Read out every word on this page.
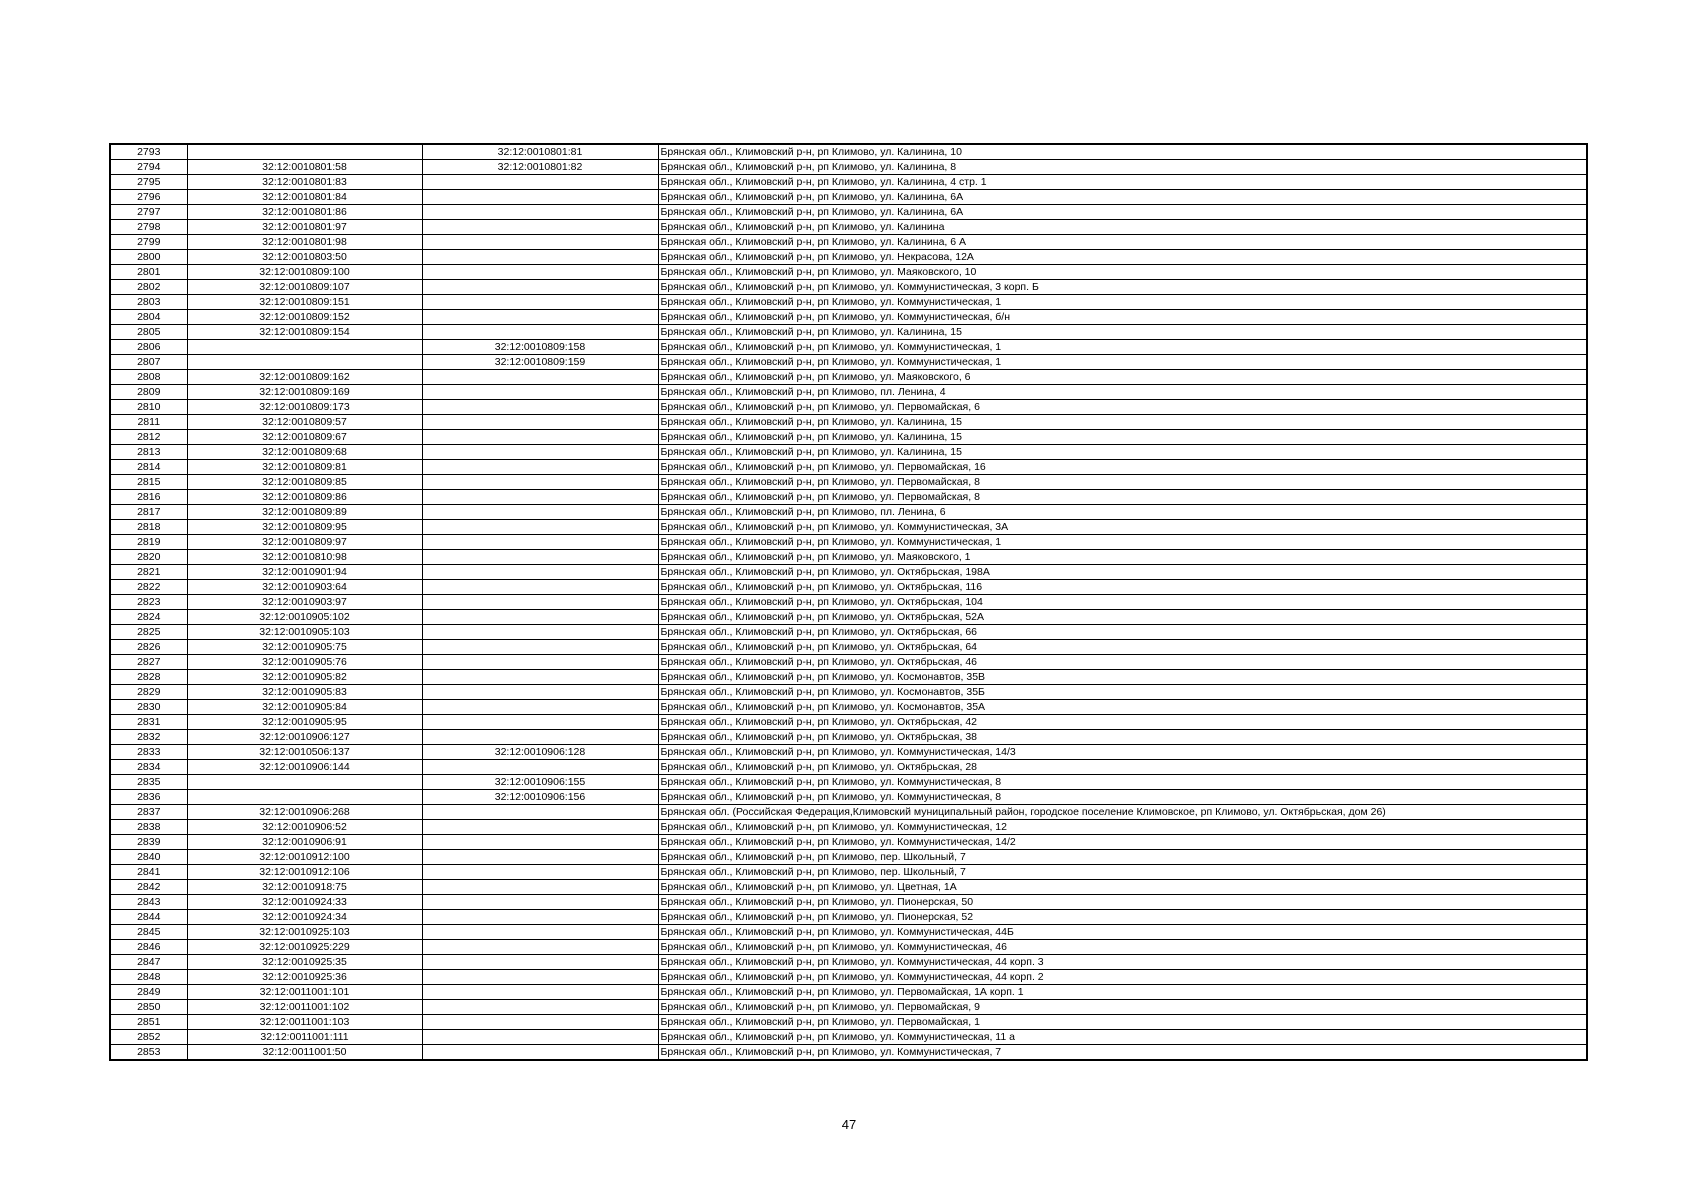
2793		32:12:0010801:81	Брянская обл., Климовский р-н, рп Климово, ул. Калинина, 10
2794	32:12:0010801:58	32:12:0010801:82	Брянская обл., Климовский р-н, рп Климово, ул. Калинина, 8
2795	32:12:0010801:83		Брянская обл., Климовский р-н, рп Климово, ул. Калинина, 4 стр. 1
2796	32:12:0010801:84		Брянская обл., Климовский р-н, рп Климово, ул. Калинина, 6А
2797	32:12:0010801:86		Брянская обл., Климовский р-н, рп Климово, ул. Калинина, 6А
2798	32:12:0010801:97		Брянская обл., Климовский р-н, рп Климово, ул. Калинина
2799	32:12:0010801:98		Брянская обл., Климовский р-н, рп Климово, ул. Калинина, 6 А
2800	32:12:0010803:50		Брянская обл., Климовский р-н, рп Климово, ул. Некрасова, 12А
2801	32:12:0010809:100		Брянская обл., Климовский р-н, рп Климово, ул. Маяковского, 10
2802	32:12:0010809:107		Брянская обл., Климовский р-н, рп Климово, ул. Коммунистическая, 3 корп. Б
2803	32:12:0010809:151		Брянская обл., Климовский р-н, рп Климово, ул. Коммунистическая, 1
2804	32:12:0010809:152		Брянская обл., Климовский р-н, рп Климово, ул. Коммунистическая, б/н
2805	32:12:0010809:154		Брянская обл., Климовский р-н, рп Климово, ул. Калинина, 15
2806		32:12:0010809:158	Брянская обл., Климовский р-н, рп Климово, ул. Коммунистическая, 1
2807		32:12:0010809:159	Брянская обл., Климовский р-н, рп Климово, ул. Коммунистическая, 1
2808	32:12:0010809:162		Брянская обл., Климовский р-н, рп Климово, ул. Маяковского, 6
2809	32:12:0010809:169		Брянская обл., Климовский р-н, рп Климово, пл. Ленина, 4
2810	32:12:0010809:173		Брянская обл., Климовский р-н, рп Климово, ул. Первомайская, 6
2811	32:12:0010809:57		Брянская обл., Климовский р-н, рп Климово, ул. Калинина, 15
2812	32:12:0010809:67		Брянская обл., Климовский р-н, рп Климово, ул. Калинина, 15
2813	32:12:0010809:68		Брянская обл., Климовский р-н, рп Климово, ул. Калинина, 15
2814	32:12:0010809:81		Брянская обл., Климовский р-н, рп Климово, ул. Первомайская, 16
2815	32:12:0010809:85		Брянская обл., Климовский р-н, рп Климово, ул. Первомайская, 8
2816	32:12:0010809:86		Брянская обл., Климовский р-н, рп Климово, ул. Первомайская, 8
2817	32:12:0010809:89		Брянская обл., Климовский р-н, рп Климово, пл. Ленина, 6
2818	32:12:0010809:95		Брянская обл., Климовский р-н, рп Климово, ул. Коммунистическая, 3А
2819	32:12:0010809:97		Брянская обл., Климовский р-н, рп Климово, ул. Коммунистическая, 1
2820	32:12:0010810:98		Брянская обл., Климовский р-н, рп Климово, ул. Маяковского, 1
2821	32:12:0010901:94		Брянская обл., Климовский р-н, рп Климово, ул. Октябрьская, 198А
2822	32:12:0010903:64		Брянская обл., Климовский р-н, рп Климово, ул. Октябрьская, 116
2823	32:12:0010903:97		Брянская обл., Климовский р-н, рп Климово, ул. Октябрьская, 104
2824	32:12:0010905:102		Брянская обл., Климовский р-н, рп Климово, ул. Октябрьская, 52А
2825	32:12:0010905:103		Брянская обл., Климовский р-н, рп Климово, ул. Октябрьская, 66
2826	32:12:0010905:75		Брянская обл., Климовский р-н, рп Климово, ул. Октябрьская, 64
2827	32:12:0010905:76		Брянская обл., Климовский р-н, рп Климово, ул. Октябрьская, 46
2828	32:12:0010905:82		Брянская обл., Климовский р-н, рп Климово, ул. Космонавтов, 35В
2829	32:12:0010905:83		Брянская обл., Климовский р-н, рп Климово, ул. Космонавтов, 35Б
2830	32:12:0010905:84		Брянская обл., Климовский р-н, рп Климово, ул. Космонавтов, 35А
2831	32:12:0010905:95		Брянская обл., Климовский р-н, рп Климово, ул. Октябрьская, 42
2832	32:12:0010906:127		Брянская обл., Климовский р-н, рп Климово, ул. Октябрьская, 38
2833	32:12:0010506:137	32:12:0010906:128	Брянская обл., Климовский р-н, рп Климово, ул. Коммунистическая, 14/3
2834	32:12:0010906:144		Брянская обл., Климовский р-н, рп Климово, ул. Октябрьская, 28
2835		32:12:0010906:155	Брянская обл., Климовский р-н, рп Климово, ул. Коммунистическая, 8
2836		32:12:0010906:156	Брянская обл., Климовский р-н, рп Климово, ул. Коммунистическая, 8
2837	32:12:0010906:268		Брянская обл. (Российская Федерация,Климовский муниципальный район, городское поселение Климовское, рп Климово, ул. Октябрьская, дом 26)
2838	32:12:0010906:52		Брянская обл., Климовский р-н, рп Климово, ул. Коммунистическая, 12
2839	32:12:0010906:91		Брянская обл., Климовский р-н, рп Климово, ул. Коммунистическая, 14/2
2840	32:12:0010912:100		Брянская обл., Климовский р-н, рп Климово, пер. Школьный, 7
2841	32:12:0010912:106		Брянская обл., Климовский р-н, рп Климово, пер. Школьный, 7
2842	32:12:0010918:75		Брянская обл., Климовский р-н, рп Климово, ул. Цветная, 1А
2843	32:12:0010924:33		Брянская обл., Климовский р-н, рп Климово, ул. Пионерская, 50
2844	32:12:0010924:34		Брянская обл., Климовский р-н, рп Климово, ул. Пионерская, 52
2845	32:12:0010925:103		Брянская обл., Климовский р-н, рп Климово, ул. Коммунистическая, 44Б
2846	32:12:0010925:229		Брянская обл., Климовский р-н, рп Климово, ул. Коммунистическая, 46
2847	32:12:0010925:35		Брянская обл., Климовский р-н, рп Климово, ул. Коммунистическая, 44 корп. 3
2848	32:12:0010925:36		Брянская обл., Климовский р-н, рп Климово, ул. Коммунистическая, 44 корп. 2
2849	32:12:0011001:101		Брянская обл., Климовский р-н, рп Климово, ул. Первомайская, 1А корп. 1
2850	32:12:0011001:102		Брянская обл., Климовский р-н, рп Климово, ул. Первомайская, 9
2851	32:12:0011001:103		Брянская обл., Климовский р-н, рп Климово, ул. Первомайская, 1
2852	32:12:0011001:111		Брянская обл., Климовский р-н, рп Климово, ул. Коммунистическая, 11 а
2853	32:12:0011001:50		Брянская обл., Климовский р-н, рп Климово, ул. Коммунистическая, 7
47
